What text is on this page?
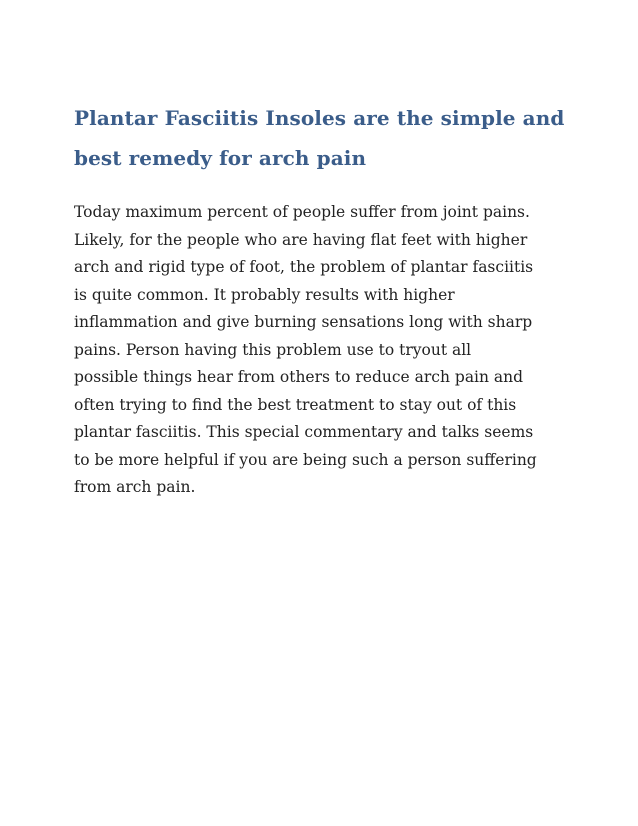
Plantar Fasciitis Insoles are the simple and
best remedy for arch pain

Today maximum percent of people suffer from joint pains.
Likely, for the people who are having flat feet with higher
arch and rigid type of foot, the problem of plantar fasciitis
is quite common. It probably results with higher
inflammation and give burning sensations long with sharp
pains. Person having this problem use to tryout all
possible things hear from others to reduce arch pain and
often trying to find the best treatment to stay out of this
plantar fasciitis. This special commentary and talks seems
to be more helpful if you are being such a person suffering
from arch pain.
